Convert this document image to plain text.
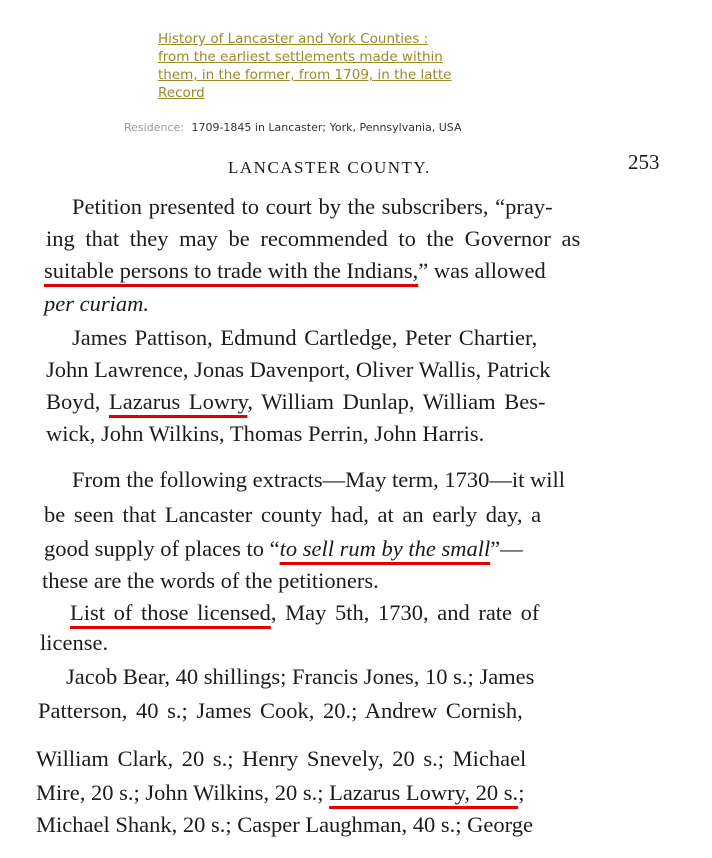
History of Lancaster and York Counties : from the earliest settlements made within them, in the former, from 1709, in the latte Record
Residence: 1709-1845 in Lancaster; York, Pennsylvania, USA
LANCASTER COUNTY.	253
Petition presented to court by the subscribers, “pray-
ing that they may be recommended to the Governor as
suitable persons to trade with the Indians,” was allowed
per curiam.
James Pattison, Edmund Cartledge, Peter Chartier,
John Lawrence, Jonas Davenport, Oliver Wallis, Patrick
Boyd, Lazarus Lowry, William Dunlap, William Bes-
wick, John Wilkins, Thomas Perrin, John Harris.
From the following extracts—May term, 1730—it will
be seen that Lancaster county had, at an early day, a
good supply of places to “to sell rum by the small”—
these are the words of the petitioners.
List of those licensed, May 5th, 1730, and rate of
license.
Jacob Bear, 40 shillings; Francis Jones, 10 s.; James
Patterson, 40 s.; James Cook, 20.; Andrew Cornish,
William Clark, 20 s.; Henry Snevely, 20 s.; Michael
Mire, 20 s.; John Wilkins, 20 s.; Lazarus Lowry, 20 s.;
Michael Shank, 20 s.; Casper Laughman, 40 s.; George
